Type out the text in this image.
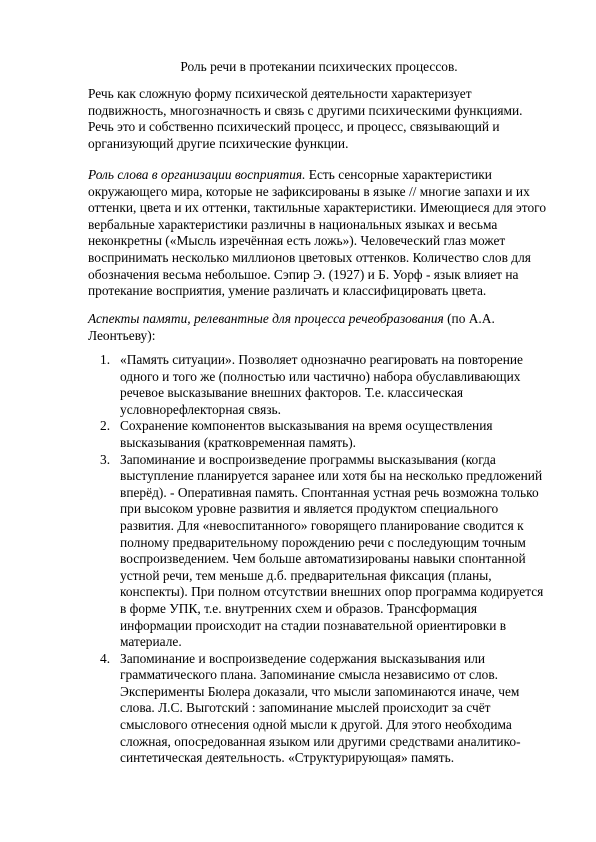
Роль речи в протекании психических процессов.

Речь как сложную форму психической деятельности характеризует подвижность, многозначность и связь с другими психическими функциями. Речь это и собственно психический процесс, и процесс, связывающий и организующий другие психические функции.

Роль слова в организации восприятия. Есть сенсорные характеристики окружающего мира, которые не зафиксированы в языке // многие запахи и их оттенки, цвета и их оттенки, тактильные характеристики. Имеющиеся для этого вербальные характеристики различны в национальных языках и весьма неконкретны («Мысль изречённая есть ложь»). Человеческий глаз может воспринимать несколько миллионов цветовых оттенков. Количество слов для обозначения весьма небольшое. Сэпир Э. (1927) и Б. Уорф - язык влияет на протекание восприятия, умение различать и классифицировать цвета.

Аспекты памяти, релевантные для процесса речеобразования (по А.А. Леонтьеву):

1. «Память ситуации». Позволяет однозначно реагировать на повторение одного и того же (полностью или частично) набора обуславливающих речевое высказывание внешних факторов. Т.е. классическая условнорефлекторная связь.
2. Сохранение компонентов высказывания на время осуществления высказывания (кратковременная память).
3. Запоминание и воспроизведение программы высказывания (когда выступление планируется заранее или хотя бы на несколько предложений вперёд). - Оперативная память. Спонтанная устная речь возможна только при высоком уровне развития и является продуктом специального развития. Для «невоспитанного» говорящего планирование сводится к полному предварительному порождению речи с последующим точным воспроизведением. Чем больше автоматизированы навыки спонтанной устной речи, тем меньше д.б. предварительная фиксация (планы, конспекты). При полном отсутствии внешних опор программа кодируется в форме УПК, т.е. внутренних схем и образов. Трансформация информации происходит на стадии познавательной ориентировки в материале.
4. Запоминание и воспроизведение содержания высказывания или грамматического плана. Запоминание смысла независимо от слов. Эксперименты Бюлера доказали, что мысли запоминаются иначе, чем слова. Л.С. Выготский : запоминание мыслей происходит за счёт смыслового отнесения одной мысли к другой. Для этого необходима сложная, опосредованная языком или другими средствами аналитико-синтетическая деятельность. «Структурирующая» память.
